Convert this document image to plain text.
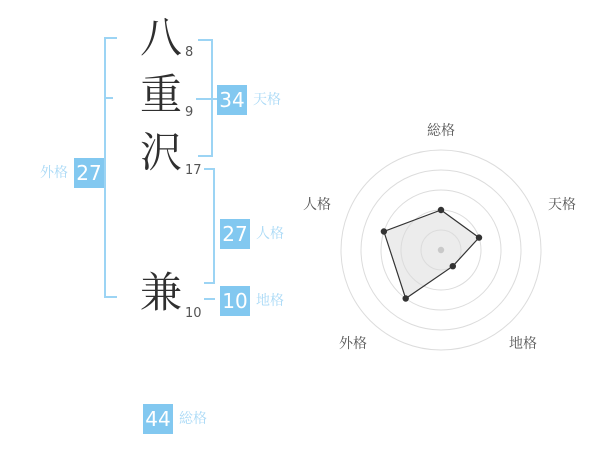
八
重
沢
兼
8
9
17
10
外格 27
34 天格
27 人格
10 地格
44 総格
総格
天格
地格
外格
人格
